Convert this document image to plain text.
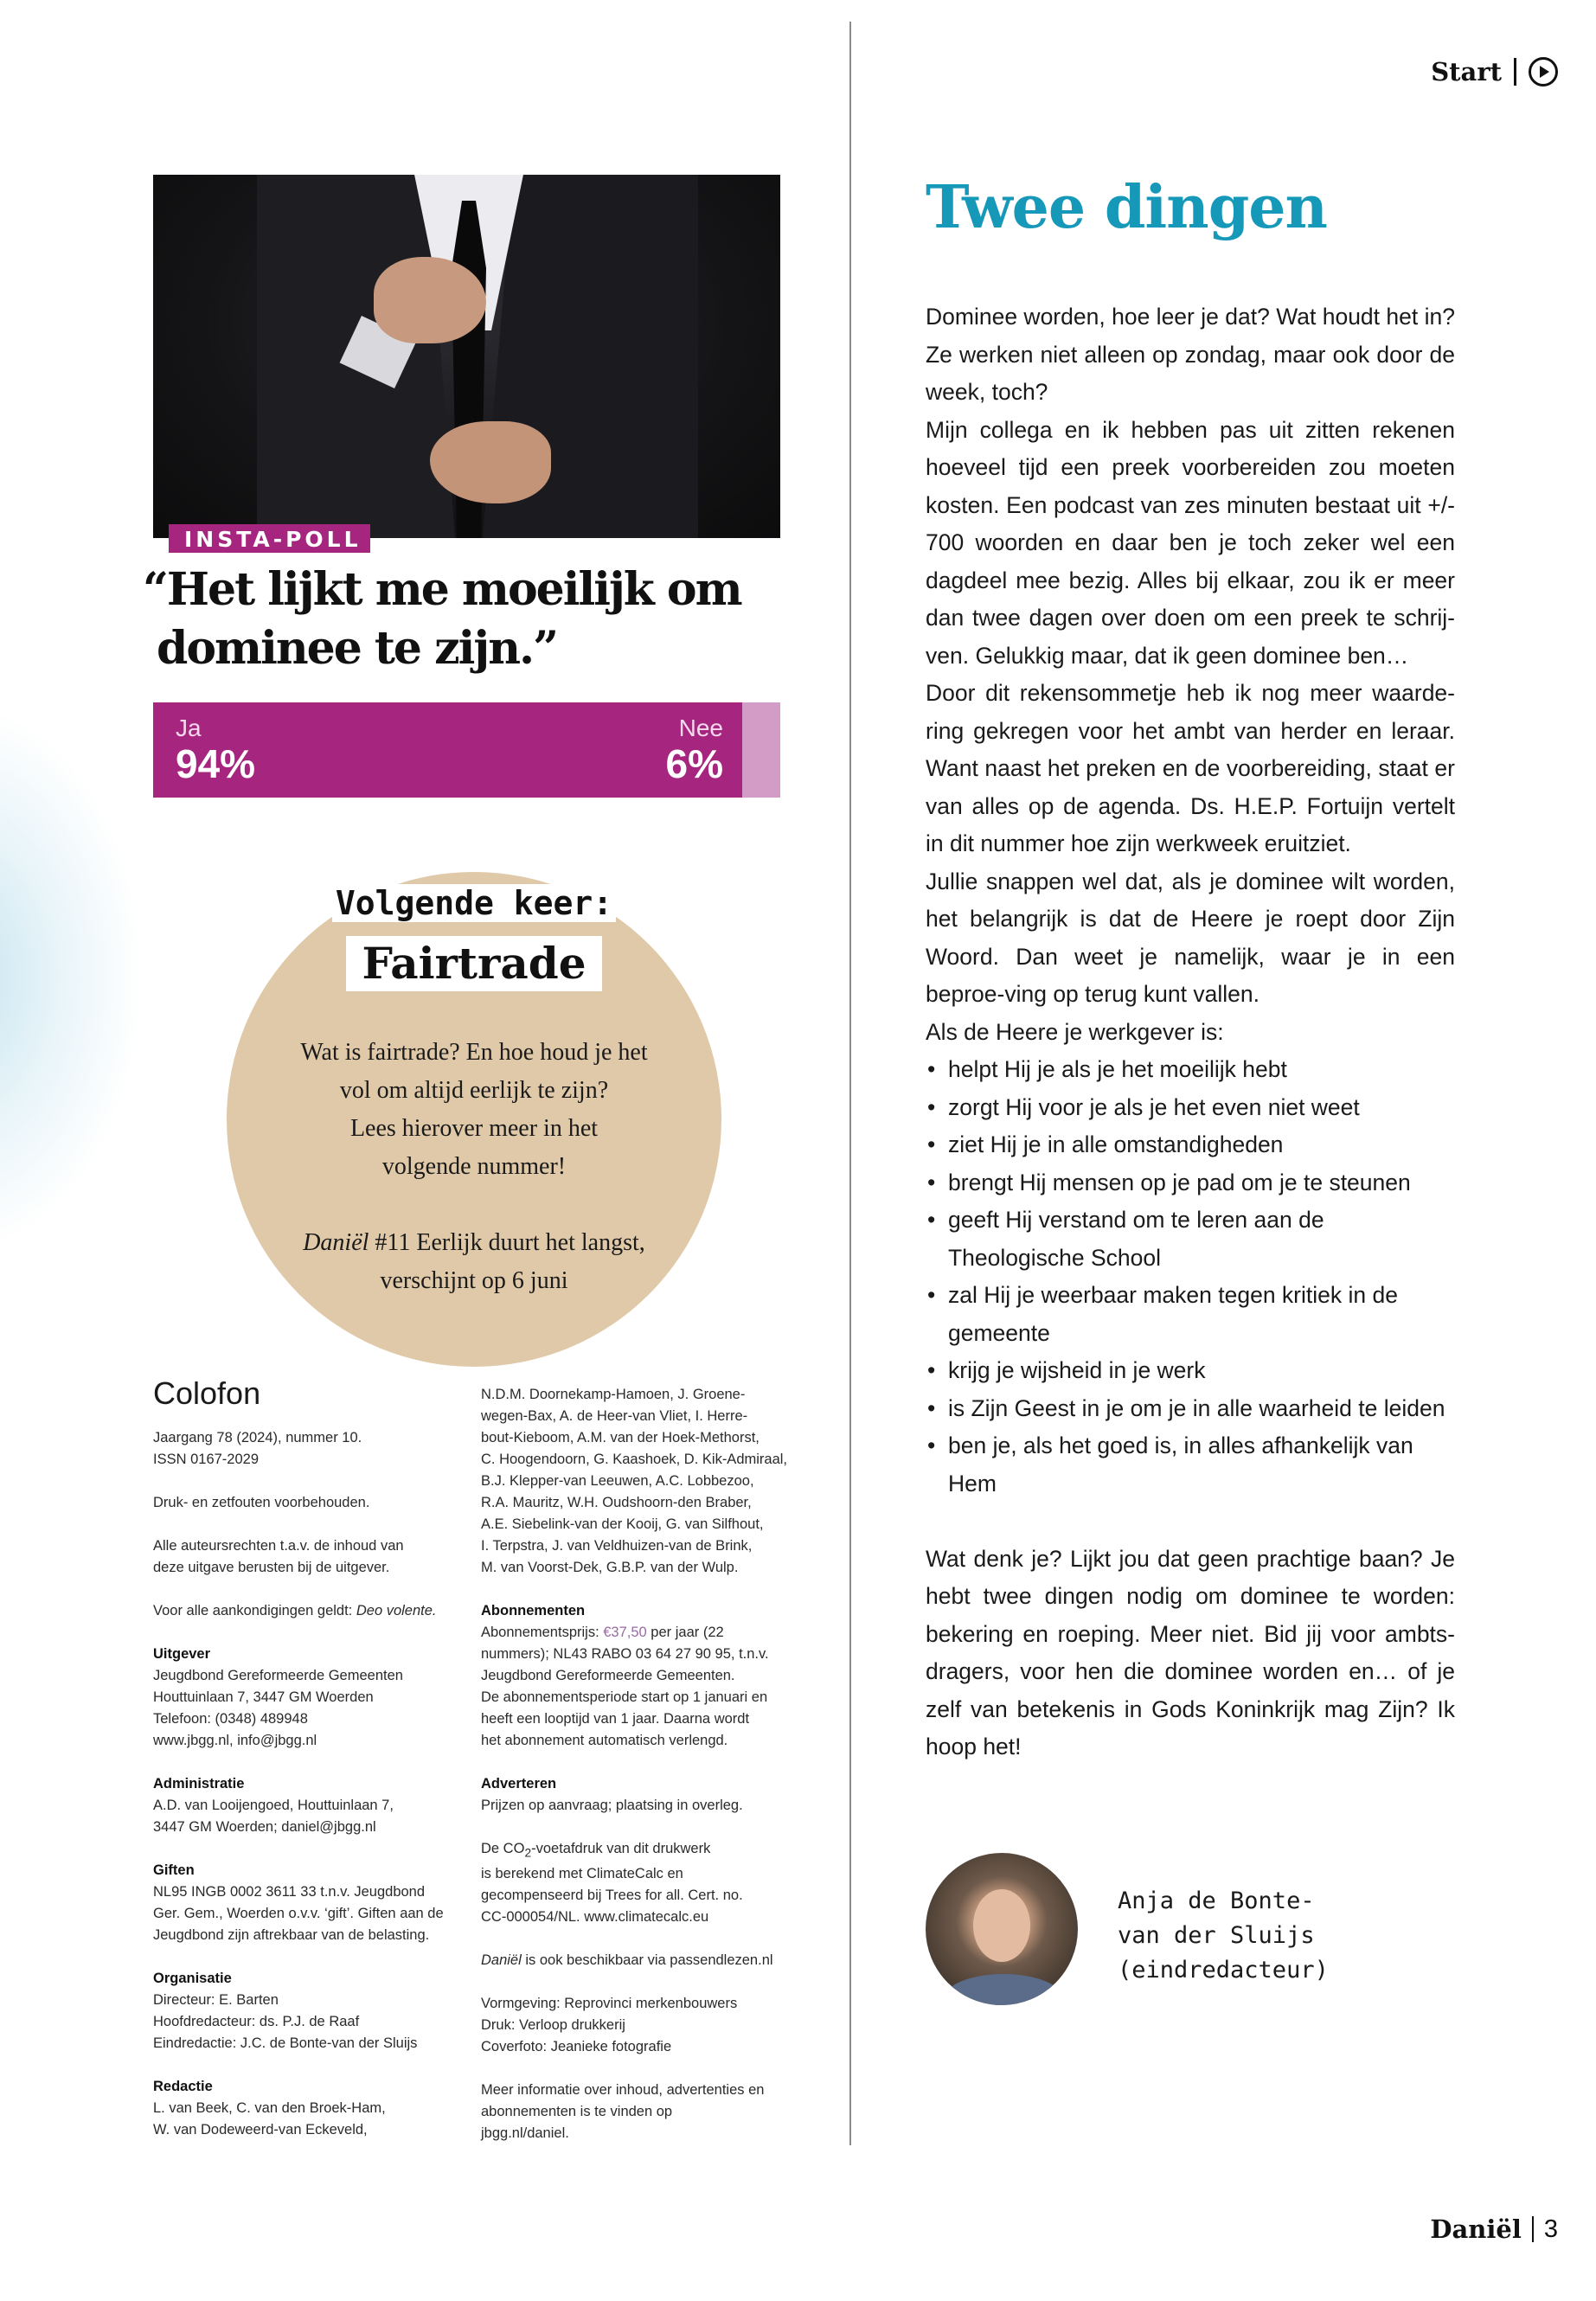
Start
INSTA-POLL
“Het lijkt me moeilijk om
dominee te zijn.”
Ja
94%
Nee
6%
Volgende keer:
Fairtrade

Wat is fairtrade? En hoe houd je het

vol om altijd eerlijk te zijn?

Lees hierover meer in het

volgende nummer!

Daniël #11 Eerlijk duurt het langst,

verschijnt op 6 juni

Colofon

Jaargang 78 (2024), nummer 10.
ISSN 0167-2029

Druk- en zetfouten voorbehouden.

Alle auteursrechten t.a.v. de inhoud van
deze uitgave berusten bij de uitgever.

Voor alle aankondigingen geldt: Deo volente.

Uitgever
Jeugdbond Gereformeerde Gemeenten
Houttuinlaan 7, 3447 GM Woerden
Telefoon: (0348) 489948
www.jbgg.nl, info@jbgg.nl

Administratie
A.D. van Looijengoed, Houttuinlaan 7,
3447 GM Woerden; daniel@jbgg.nl

Giften
NL95 INGB 0002 3611 33 t.n.v. Jeugdbond
Ger. Gem., Woerden o.v.v. ‘gift’. Giften aan de
Jeugdbond zijn aftrekbaar van de belasting.

Organisatie
Directeur: E. Barten
Hoofdredacteur: ds. P.J. de Raaf
Eindredactie: J.C. de Bonte-van der Sluijs

Redactie
L. van Beek, C. van den Broek-Ham,
W. van Dodeweerd-van Eckeveld,

N.D.M. Doornekamp-Hamoen, J. Groene-
wegen-Bax, A. de Heer-van Vliet, I. Herre-
bout-Kieboom, A.M. van der Hoek-Methorst,
C. Hoogendoorn, G. Kaashoek, D. Kik-Admiraal,
B.J. Klepper-van Leeuwen, A.C. Lobbezoo,
R.A. Mauritz, W.H. Oudshoorn-den Braber,
A.E. Siebelink-van der Kooij, G. van Silfhout,
I. Terpstra, J. van Veldhuizen-van de Brink,
M. van Voorst-Dek, G.B.P. van der Wulp.

Abonnementen
Abonnementsprijs: €37,50 per jaar (22
nummers); NL43 RABO 03 64 27 90 95, t.n.v.
Jeugdbond Gereformeerde Gemeenten.
De abonnementsperiode start op 1 januari en
heeft een looptijd van 1 jaar. Daarna wordt
het abonnement automatisch verlengd.

Adverteren
Prijzen op aanvraag; plaatsing in overleg.

De $CO_2$-voetafdruk van dit drukwerk
is berekend met ClimateCalc en
gecompenseerd bij Trees for all. Cert. no.
CC-000054/NL. www.climatecalc.eu

Daniël is ook beschikbaar via passendlezen.nl

Vormgeving: Reprovinci merkenbouwers
Druk: Verloop drukkerij
Coverfoto: Jeanieke fotografie

Meer informatie over inhoud, advertenties en
abonnementen is te vinden op
jbgg.nl/daniel.

Twee dingen

Dominee worden, hoe leer je dat? Wat houdt het in? Ze werken niet alleen op zondag, maar ook door de week, toch?

Mijn collega en ik hebben pas uit zitten rekenen hoeveel tijd een preek voorbereiden zou moeten kosten. Een podcast van zes minuten bestaat uit +/- 700 woorden en daar ben je toch zeker wel een dagdeel mee bezig. Alles bij elkaar, zou ik er meer dan twee dagen over doen om een preek te schrij-ven. Gelukkig maar, dat ik geen dominee ben…

Door dit rekensommetje heb ik nog meer waarde-ring gekregen voor het ambt van herder en leraar. Want naast het preken en de voorbereiding, staat er van alles op de agenda. Ds. H.E.P. Fortuijn vertelt in dit nummer hoe zijn werkweek eruitziet.

Jullie snappen wel dat, als je dominee wilt worden, het belangrijk is dat de Heere je roept door Zijn Woord. Dan weet je namelijk, waar je in een beproe-ving op terug kunt vallen.

Als de Heere je werkgever is:

• helpt Hij je als je het moeilijk hebt
• zorgt Hij voor je als je het even niet weet
• ziet Hij je in alle omstandigheden
• brengt Hij mensen op je pad om je te steunen
• geeft Hij verstand om te leren aan de Theologische School
• zal Hij je weerbaar maken tegen kritiek in de gemeente
• krijg je wijsheid in je werk
• is Zijn Geest in je om je in alle waarheid te leiden
• ben je, als het goed is, in alles afhankelijk van Hem

Wat denk je? Lijkt jou dat geen prachtige baan? Je hebt twee dingen nodig om dominee te worden: bekering en roeping. Meer niet. Bid jij voor ambts-dragers, voor hen die dominee worden en… of je zelf van betekenis in Gods Koninkrijk mag Zijn? Ik hoop het!

Anja de Bonte-
van der Sluijs
(eindredacteur)
Daniël 3
